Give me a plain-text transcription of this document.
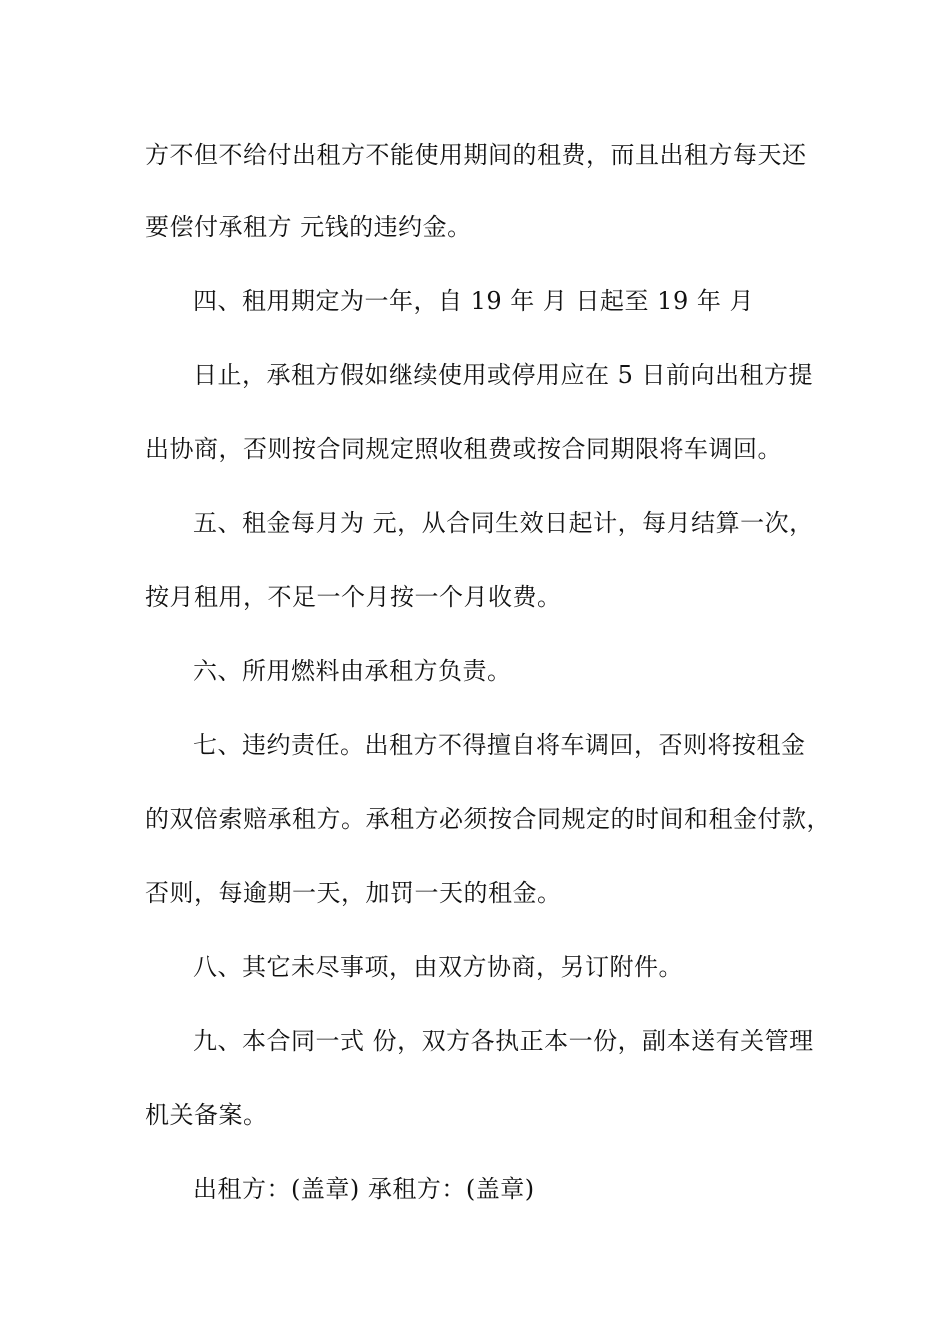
方不但不给付出租方不能使用期间的租费，而且出租方每天还
要偿付承租方 元钱的违约金。
四、租用期定为一年，自 19 年 月 日起至 19 年 月
日止，承租方假如继续使用或停用应在 5 日前向出租方提
出协商，否则按合同规定照收租费或按合同期限将车调回。
五、租金每月为 元，从合同生效日起计，每月结算一次，
按月租用，不足一个月按一个月收费。
六、所用燃料由承租方负责。
七、违约责任。出租方不得擅自将车调回，否则将按租金
的双倍索赔承租方。承租方必须按合同规定的时间和租金付款，
否则，每逾期一天，加罚一天的租金。
八、其它未尽事项，由双方协商，另订附件。
九、本合同一式 份，双方各执正本一份，副本送有关管理
机关备案。
出租方：(盖章) 承租方：(盖章)
